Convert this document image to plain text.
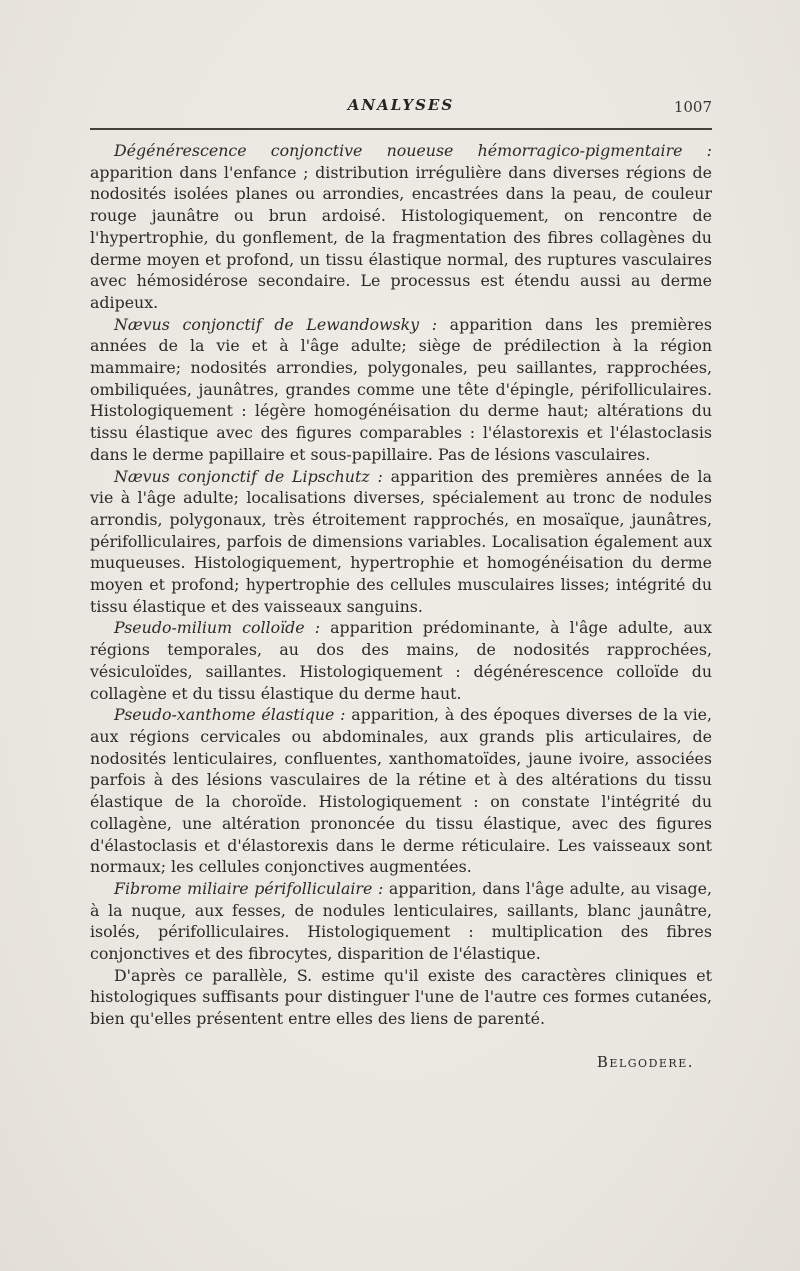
ANALYSES	1007

Dégénérescence conjonctive noueuse hémorragico-pigmentaire : apparition dans l'enfance ; distribution irrégulière dans diverses régions de nodosités isolées planes ou arrondies, encastrées dans la peau, de couleur rouge jaunâtre ou brun ardoisé. Histologiquement, on rencontre de l'hypertrophie, du gonflement, de la fragmentation des fibres collagènes du derme moyen et profond, un tissu élastique normal, des ruptures vasculaires avec hémosidérose secondaire. Le processus est étendu aussi au derme adipeux.

Nævus conjonctif de Lewandowsky : apparition dans les premières années de la vie et à l'âge adulte; siège de prédilection à la région mammaire; nodosités arrondies, polygonales, peu saillantes, rapprochées, ombiliquées, jaunâtres, grandes comme une tête d'épingle, périfolliculaires. Histologiquement : légère homogénéisation du derme haut; altérations du tissu élastique avec des figures comparables : l'élastorexis et l'élastoclasis dans le derme papillaire et sous-papillaire. Pas de lésions vasculaires.

Nævus conjonctif de Lipschutz : apparition des premières années de la vie à l'âge adulte; localisations diverses, spécialement au tronc de nodules arrondis, polygonaux, très étroitement rapprochés, en mosaïque, jaunâtres, périfolliculaires, parfois de dimensions variables. Localisation également aux muqueuses. Histologiquement, hypertrophie et homogénéisation du derme moyen et profond; hypertrophie des cellules musculaires lisses; intégrité du tissu élastique et des vaisseaux sanguins.

Pseudo-milium colloïde : apparition prédominante, à l'âge adulte, aux régions temporales, au dos des mains, de nodosités rapprochées, vésiculoïdes, saillantes. Histologiquement : dégénérescence colloïde du collagène et du tissu élastique du derme haut.

Pseudo-xanthome élastique : apparition, à des époques diverses de la vie, aux régions cervicales ou abdominales, aux grands plis articulaires, de nodosités lenticulaires, confluentes, xanthomatoïdes, jaune ivoire, associées parfois à des lésions vasculaires de la rétine et à des altérations du tissu élastique de la choroïde. Histologiquement : on constate l'intégrité du collagène, une altération prononcée du tissu élastique, avec des figures d'élastoclasis et d'élastorexis dans le derme réticulaire. Les vaisseaux sont normaux; les cellules conjonctives augmentées.

Fibrome miliaire périfolliculaire : apparition, dans l'âge adulte, au visage, à la nuque, aux fesses, de nodules lenticulaires, saillants, blanc jaunâtre, isolés, périfolliculaires. Histologiquement : multiplication des fibres conjonctives et des fibrocytes, disparition de l'élastique.

D'après ce parallèle, S. estime qu'il existe des caractères cliniques et histologiques suffisants pour distinguer l'une de l'autre ces formes cutanées, bien qu'elles présentent entre elles des liens de parenté.

Belgodere.
